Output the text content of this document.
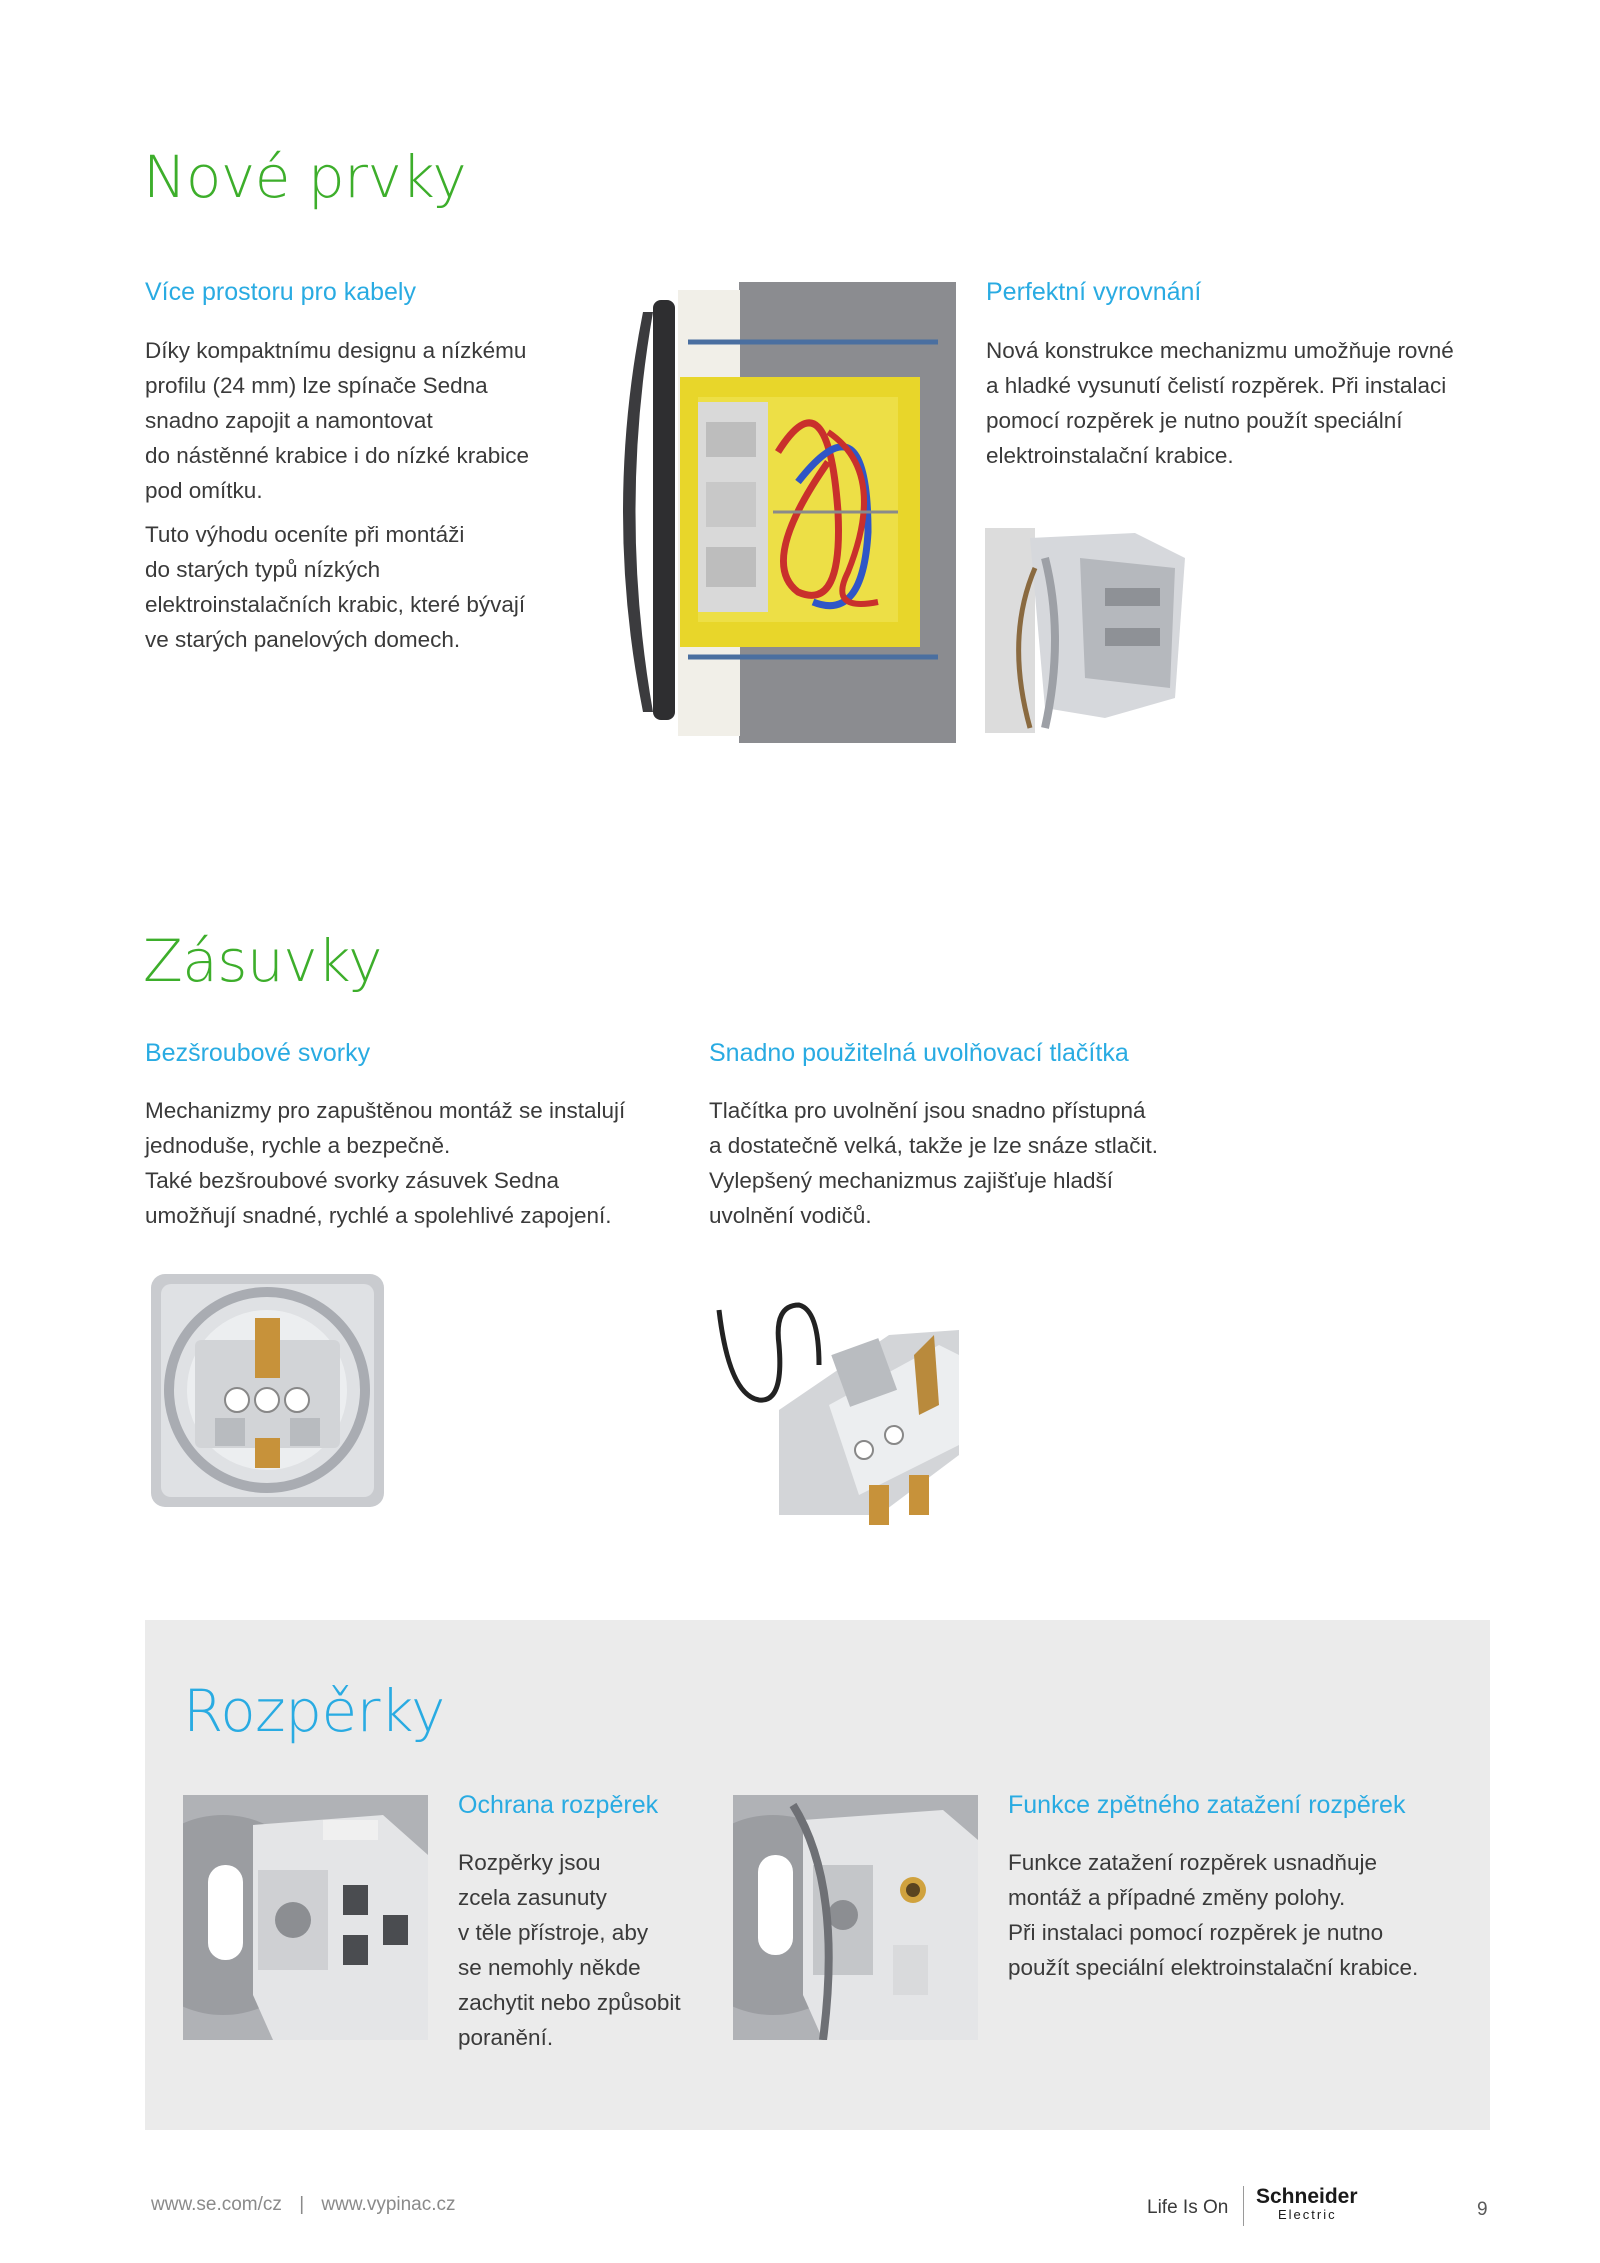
Nové prvky
Více prostoru pro kabely

Díky kompaktnímu designu a nízkému
profilu (24 mm) lze spínače Sedna
snadno zapojit a namontovat
do nástěnné krabice i do nízké krabice
pod omítku.

Tuto výhodu oceníte při montáži
do starých typů nízkých
elektroinstalačních krabic, které bývají
ve starých panelových domech.

Perfektní vyrovnání

Nová konstrukce mechanizmu umožňuje rovné
a hladké vysunutí čelistí rozpěrek. Při instalaci
pomocí rozpěrek je nutno použít speciální
elektroinstalační krabice.

Zásuvky
Bezšroubové svorky

Mechanizmy pro zapuštěnou montáž se instalují
jednoduše, rychle a bezpečně.
Také bezšroubové svorky zásuvek Sedna
umožňují snadné, rychlé a spolehlivé zapojení.

Snadno použitelná uvolňovací tlačítka

Tlačítka pro uvolnění jsou snadno přístupná
a dostatečně velká, takže je lze snáze stlačit.
Vylepšený mechanizmus zajišťuje hladší
uvolnění vodičů.

Rozpěrky
Ochrana rozpěrek

Rozpěrky jsou
zcela zasunuty
v těle přístroje, aby
se nemohly někde
zachytit nebo způsobit
poranění.

Funkce zpětného zatažení rozpěrek

Funkce zatažení rozpěrek usnadňuje
montáž a případné změny polohy.
Při instalaci pomocí rozpěrek je nutno
použít speciální elektroinstalační krabice.

www.se.com/cz | www.vypinac.cz	Life Is On Schneider
Electric	9
